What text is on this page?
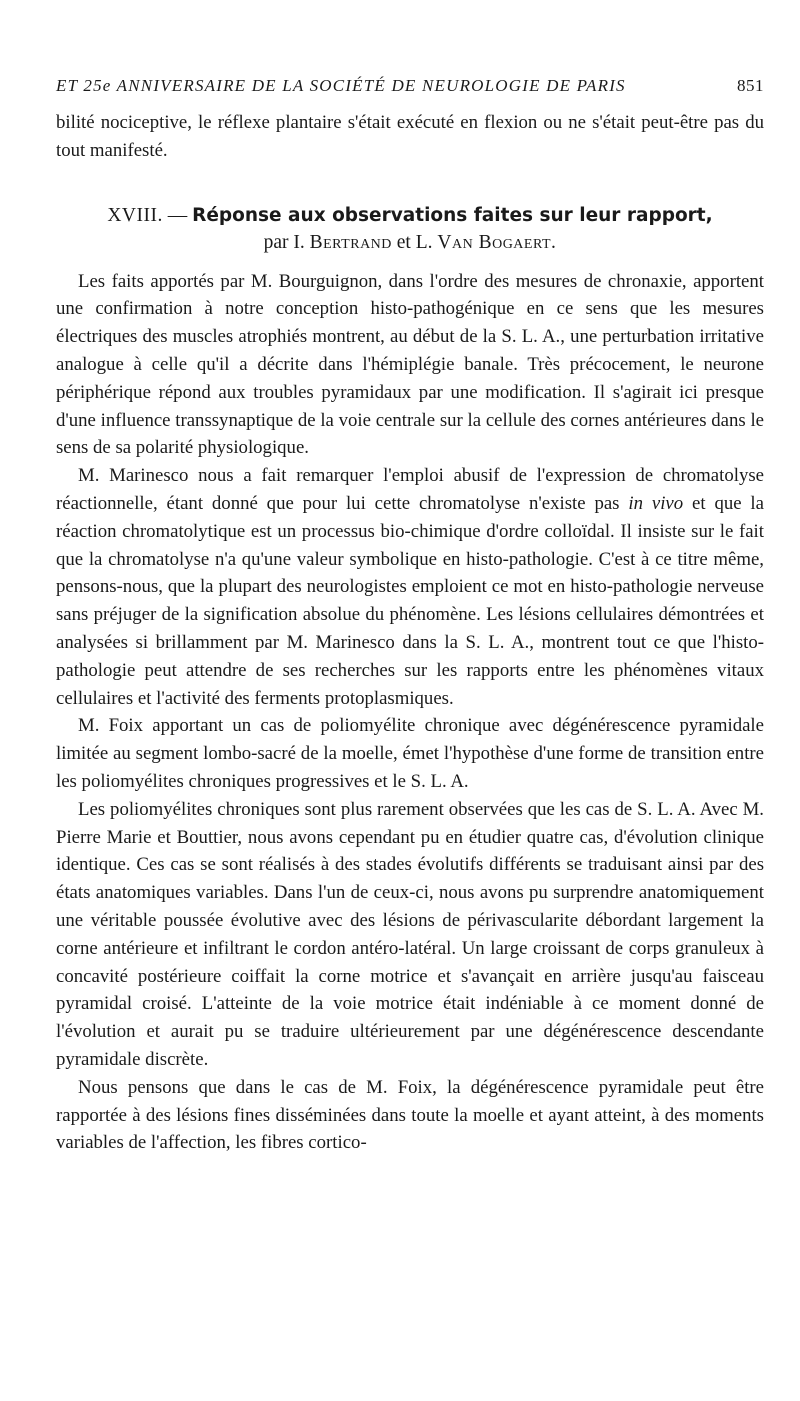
ET 25e ANNIVERSAIRE DE LA SOCIÉTÉ DE NEUROLOGIE DE PARIS	851

bilité nociceptive, le réflexe plantaire s'était exécuté en flexion ou ne s'était peut-être pas du tout manifesté.

XVIII. — Réponse aux observations faites sur leur rapport,
par I. Bertrand et L. Van Bogaert.

Les faits apportés par M. Bourguignon, dans l'ordre des mesures de chronaxie, apportent une confirmation à notre conception histo-pathogénique en ce sens que les mesures électriques des muscles atrophiés montrent, au début de la S. L. A., une perturbation irritative analogue à celle qu'il a décrite dans l'hémiplégie banale. Très précocement, le neurone périphérique répond aux troubles pyramidaux par une modification. Il s'agirait ici presque d'une influence transsynaptique de la voie centrale sur la cellule des cornes antérieures dans le sens de sa polarité physiologique.

M. Marinesco nous a fait remarquer l'emploi abusif de l'expression de chromatolyse réactionnelle, étant donné que pour lui cette chromatolyse n'existe pas in vivo et que la réaction chromatolytique est un processus bio-chimique d'ordre colloïdal. Il insiste sur le fait que la chromatolyse n'a qu'une valeur symbolique en histo-pathologie. C'est à ce titre même, pensons-nous, que la plupart des neurologistes emploient ce mot en histo-pathologie nerveuse sans préjuger de la signification absolue du phénomène. Les lésions cellulaires démontrées et analysées si brillamment par M. Marinesco dans la S. L. A., montrent tout ce que l'histo-pathologie peut attendre de ses recherches sur les rapports entre les phénomènes vitaux cellulaires et l'activité des ferments protoplasmiques.

M. Foix apportant un cas de poliomyélite chronique avec dégénérescence pyramidale limitée au segment lombo-sacré de la moelle, émet l'hypothèse d'une forme de transition entre les poliomyélites chroniques progressives et le S. L. A.

Les poliomyélites chroniques sont plus rarement observées que les cas de S. L. A. Avec M. Pierre Marie et Bouttier, nous avons cependant pu en étudier quatre cas, d'évolution clinique identique. Ces cas se sont réalisés à des stades évolutifs différents se traduisant ainsi par des états anatomiques variables. Dans l'un de ceux-ci, nous avons pu surprendre anatomiquement une véritable poussée évolutive avec des lésions de périvascularite débordant largement la corne antérieure et infiltrant le cordon antéro-latéral. Un large croissant de corps granuleux à concavité postérieure coiffait la corne motrice et s'avançait en arrière jusqu'au faisceau pyramidal croisé. L'atteinte de la voie motrice était indéniable à ce moment donné de l'évolution et aurait pu se traduire ultérieurement par une dégénérescence descendante pyramidale discrète.

Nous pensons que dans le cas de M. Foix, la dégénérescence pyramidale peut être rapportée à des lésions fines disséminées dans toute la moelle et ayant atteint, à des moments variables de l'affection, les fibres cortico-
